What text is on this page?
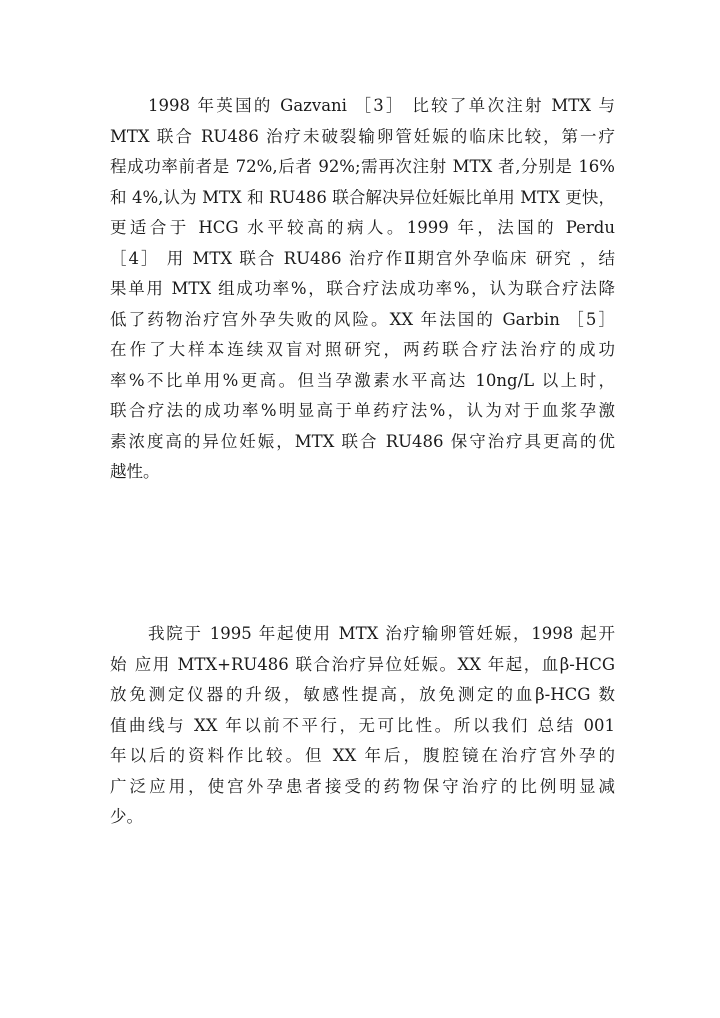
1998 年英国的 Gazvani ［3］ 比较了单次注射 MTX 与
MTX 联合 RU486 治疗未破裂输卵管妊娠的临床比较，第一疗
程成功率前者是 72%,后者 92%;需再次注射 MTX 者,分别是 16%
和 4%,认为 MTX 和 RU486 联合解决异位妊娠比单用 MTX 更快，
更适合于 HCG 水平较高的病人。1999 年，法国的 Perdu
［4］ 用 MTX 联合 RU486 治疗作Ⅱ期宫外孕临床 研究 ，结
果单用 MTX 组成功率%，联合疗法成功率%，认为联合疗法降
低了药物治疗宫外孕失败的风险。XX 年法国的 Garbin ［5］
在作了大样本连续双盲对照研究，两药联合疗法治疗的成功
率%不比单用%更高。但当孕激素水平高达 10ng/L 以上时，
联合疗法的成功率%明显高于单药疗法%，认为对于血浆孕激
素浓度高的异位妊娠，MTX 联合 RU486 保守治疗具更高的优
越性。
我院于 1995 年起使用 MTX 治疗输卵管妊娠，1998 起开
始 应用 MTX+RU486 联合治疗异位妊娠。XX 年起，血β-HCG
放免测定仪器的升级，敏感性提高，放免测定的血β-HCG 数
值曲线与 XX 年以前不平行，无可比性。所以我们 总结 001
年以后的资料作比较。但 XX 年后，腹腔镜在治疗宫外孕的
广泛应用，使宫外孕患者接受的药物保守治疗的比例明显减
少。
